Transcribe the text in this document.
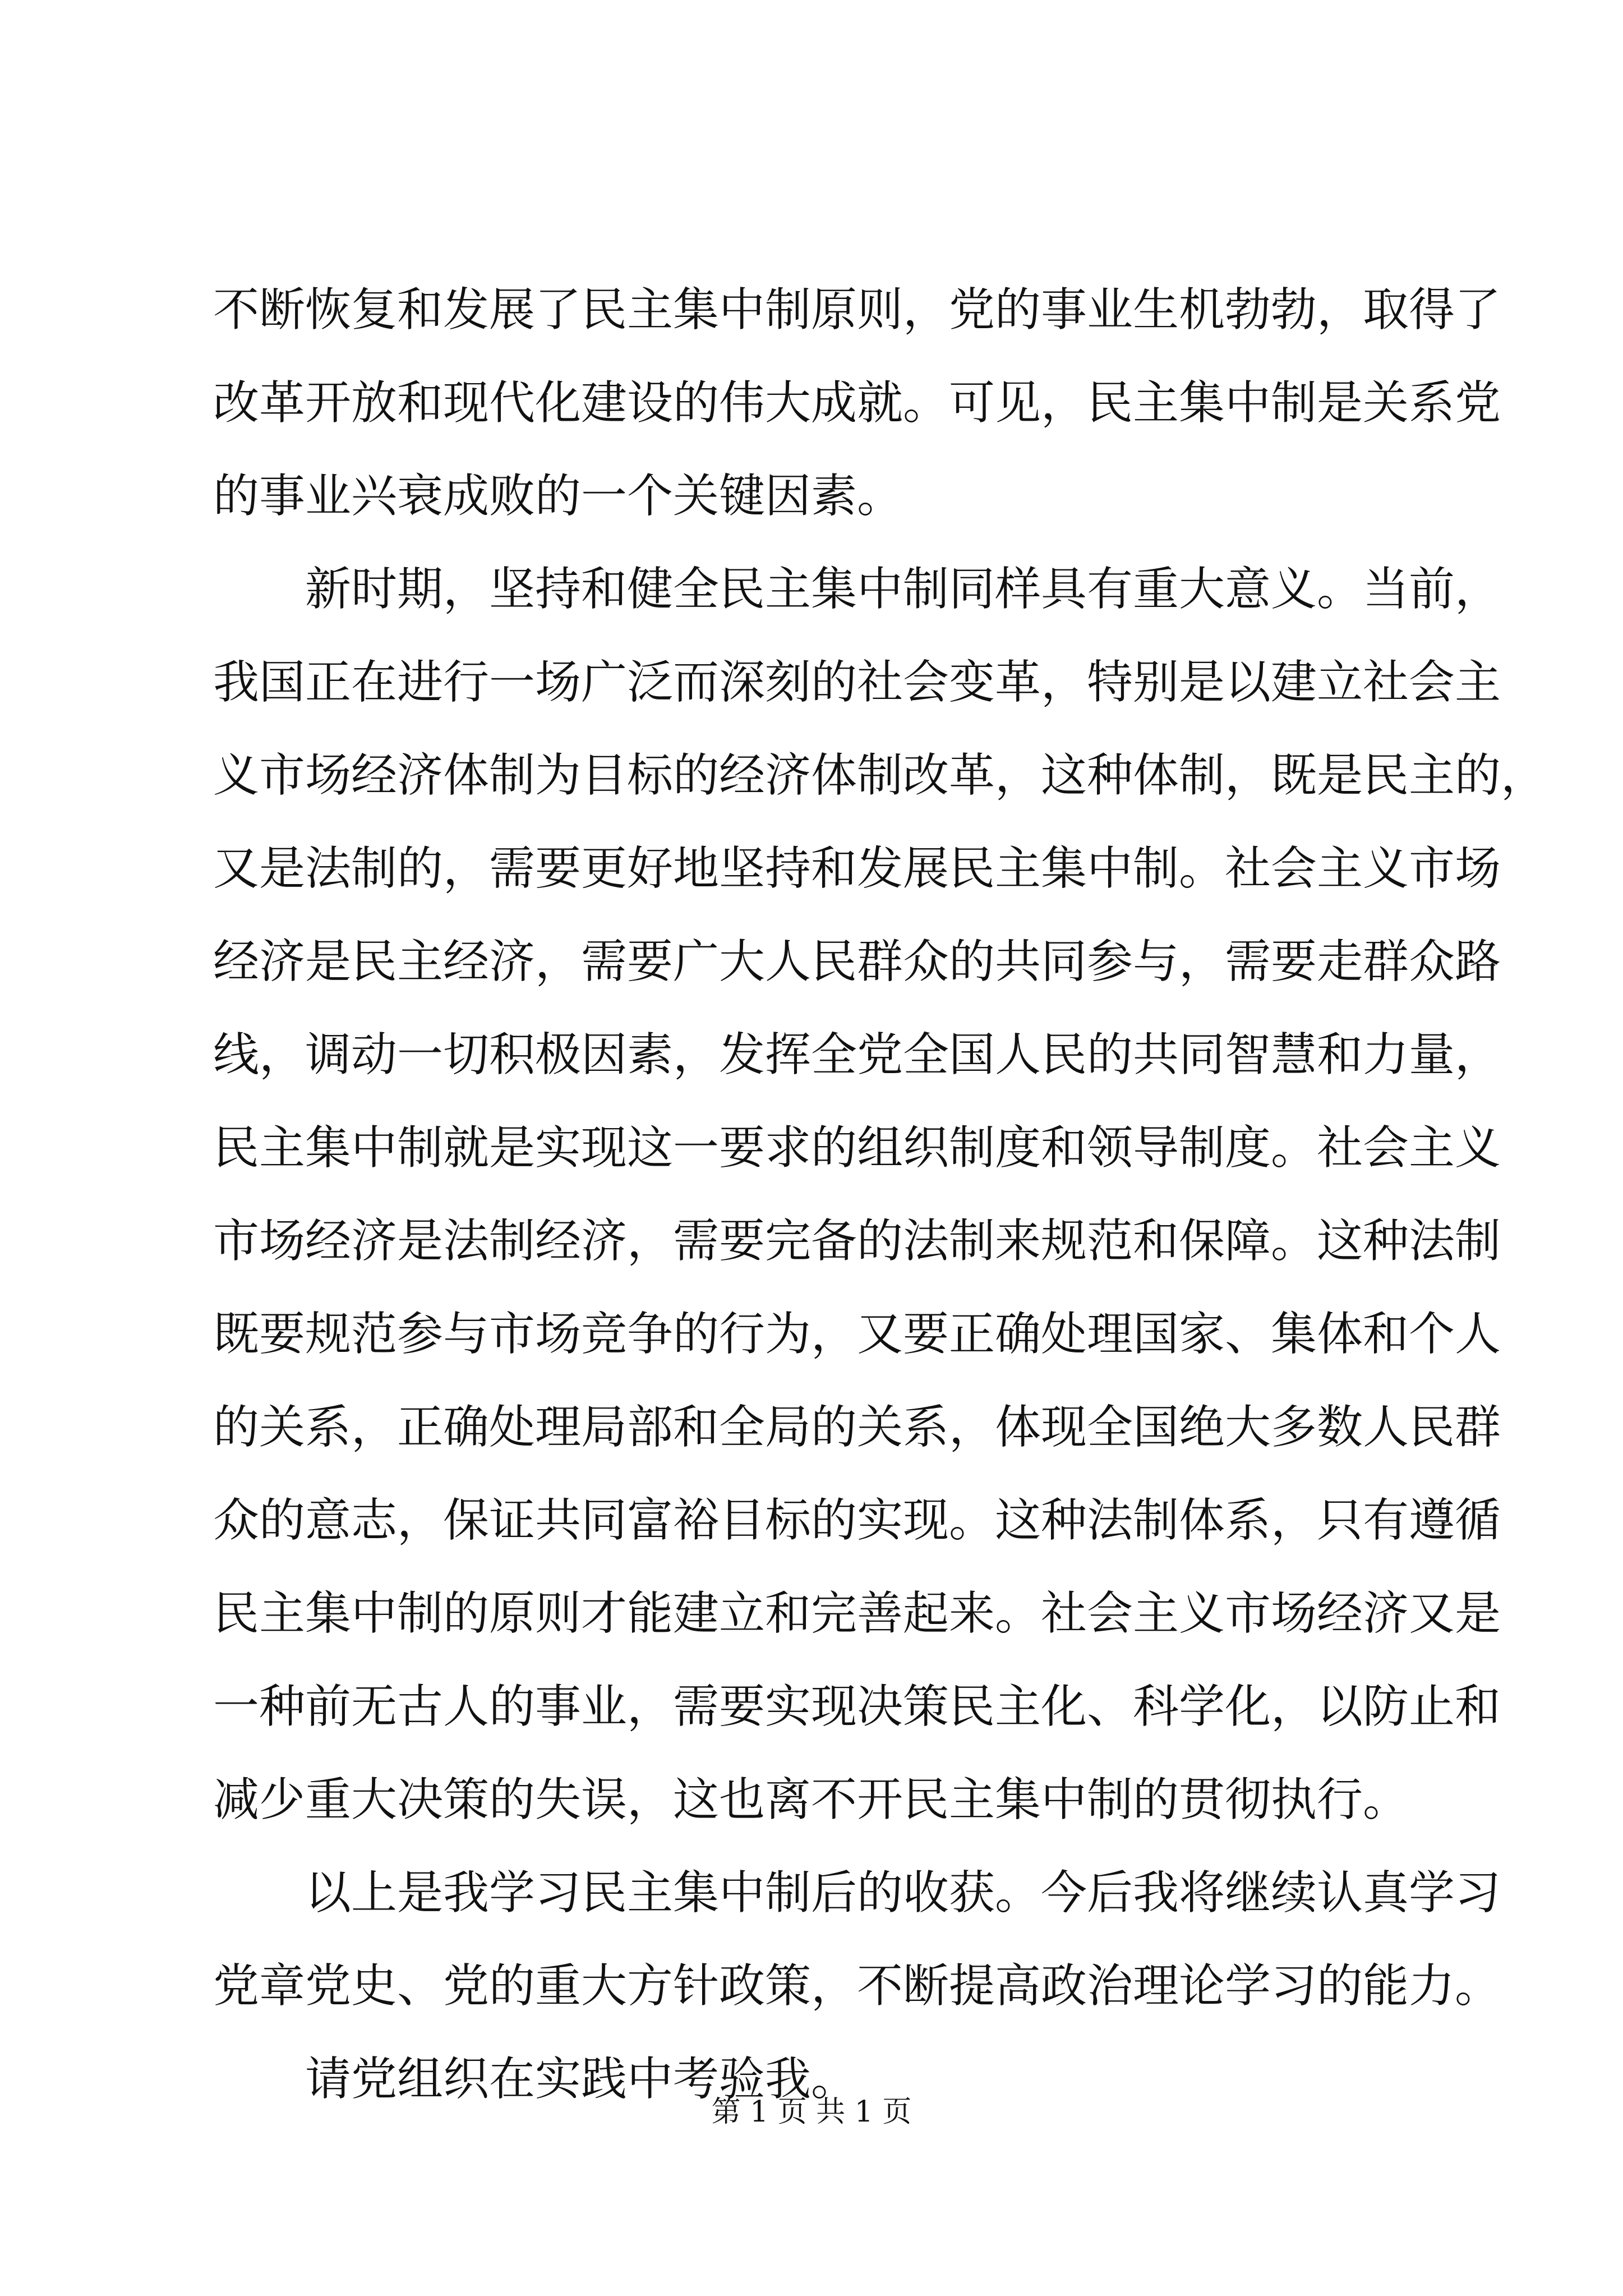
不断恢复和发展了民主集中制原则，党的事业生机勃勃，取得了
改革开放和现代化建设的伟大成就。可见，民主集中制是关系党
的事业兴衰成败的一个关键因素。
新时期，坚持和健全民主集中制同样具有重大意义。当前，
我国正在进行一场广泛而深刻的社会变革，特别是以建立社会主
义市场经济体制为目标的经济体制改革，这种体制，既是民主的，
又是法制的，需要更好地坚持和发展民主集中制。社会主义市场
经济是民主经济，需要广大人民群众的共同参与，需要走群众路
线，调动一切积极因素，发挥全党全国人民的共同智慧和力量，
民主集中制就是实现这一要求的组织制度和领导制度。社会主义
市场经济是法制经济，需要完备的法制来规范和保障。这种法制
既要规范参与市场竞争的行为，又要正确处理国家、集体和个人
的关系，正确处理局部和全局的关系，体现全国绝大多数人民群
众的意志，保证共同富裕目标的实现。这种法制体系，只有遵循
民主集中制的原则才能建立和完善起来。社会主义市场经济又是
一种前无古人的事业，需要实现决策民主化、科学化，以防止和
减少重大决策的失误，这也离不开民主集中制的贯彻执行。
以上是我学习民主集中制后的收获。今后我将继续认真学习
党章党史、党的重大方针政策，不断提高政治理论学习的能力。
请党组织在实践中考验我。
第 1 页 共 1 页
